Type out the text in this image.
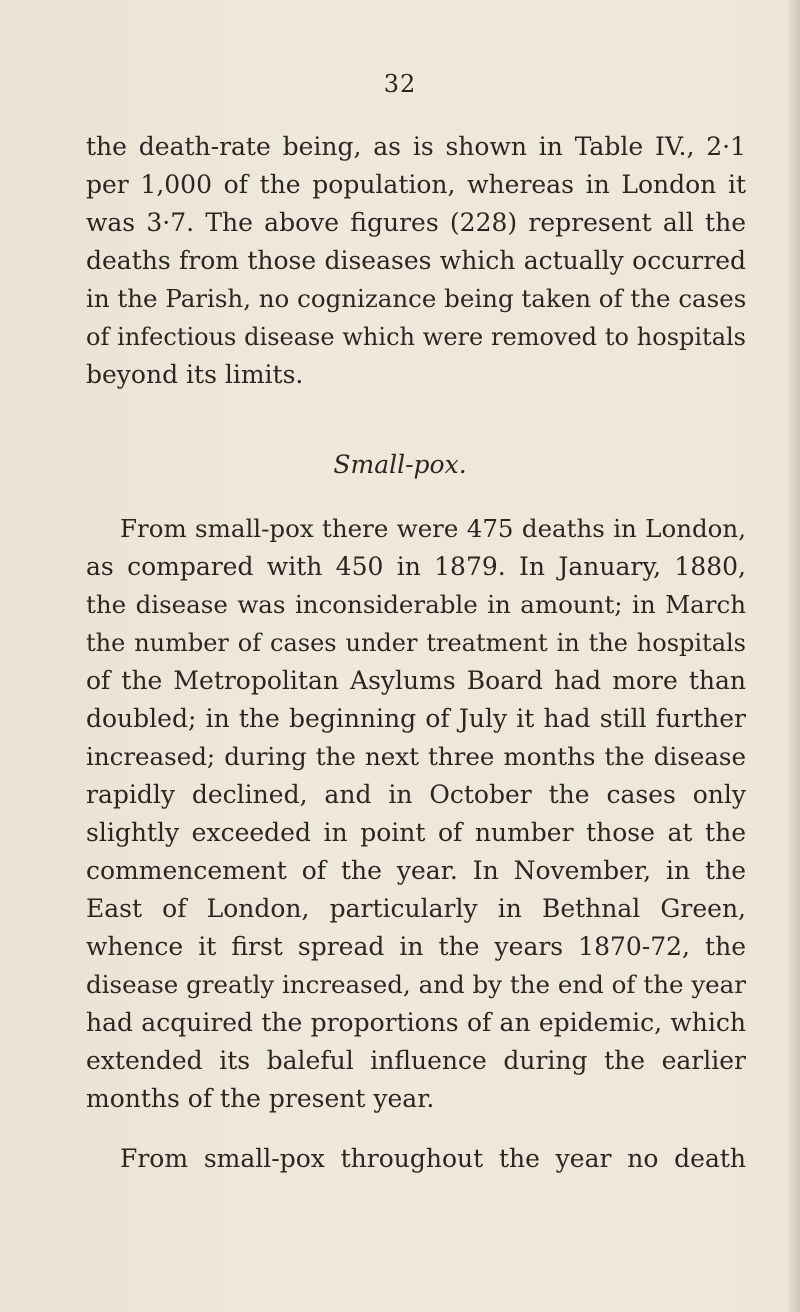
32
the death-rate being, as is shown in Table IV., 2·1
per 1,000 of the population, whereas in London it
was 3·7. The above figures (228) represent all the
deaths from those diseases which actually occurred
in the Parish, no cognizance being taken of the cases
of infectious disease which were removed to hospitals
beyond its limits.
Small-pox.
From small-pox there were 475 deaths in London,
as compared with 450 in 1879. In January, 1880,
the disease was inconsiderable in amount; in March
the number of cases under treatment in the hospitals
of the Metropolitan Asylums Board had more than
doubled; in the beginning of July it had still further
increased; during the next three months the disease
rapidly declined, and in October the cases only
slightly exceeded in point of number those at the
commencement of the year. In November, in the
East of London, particularly in Bethnal Green,
whence it first spread in the years 1870-72, the
disease greatly increased, and by the end of the year
had acquired the proportions of an epidemic, which
extended its baleful influence during the earlier
months of the present year.
From small-pox throughout the year no death
